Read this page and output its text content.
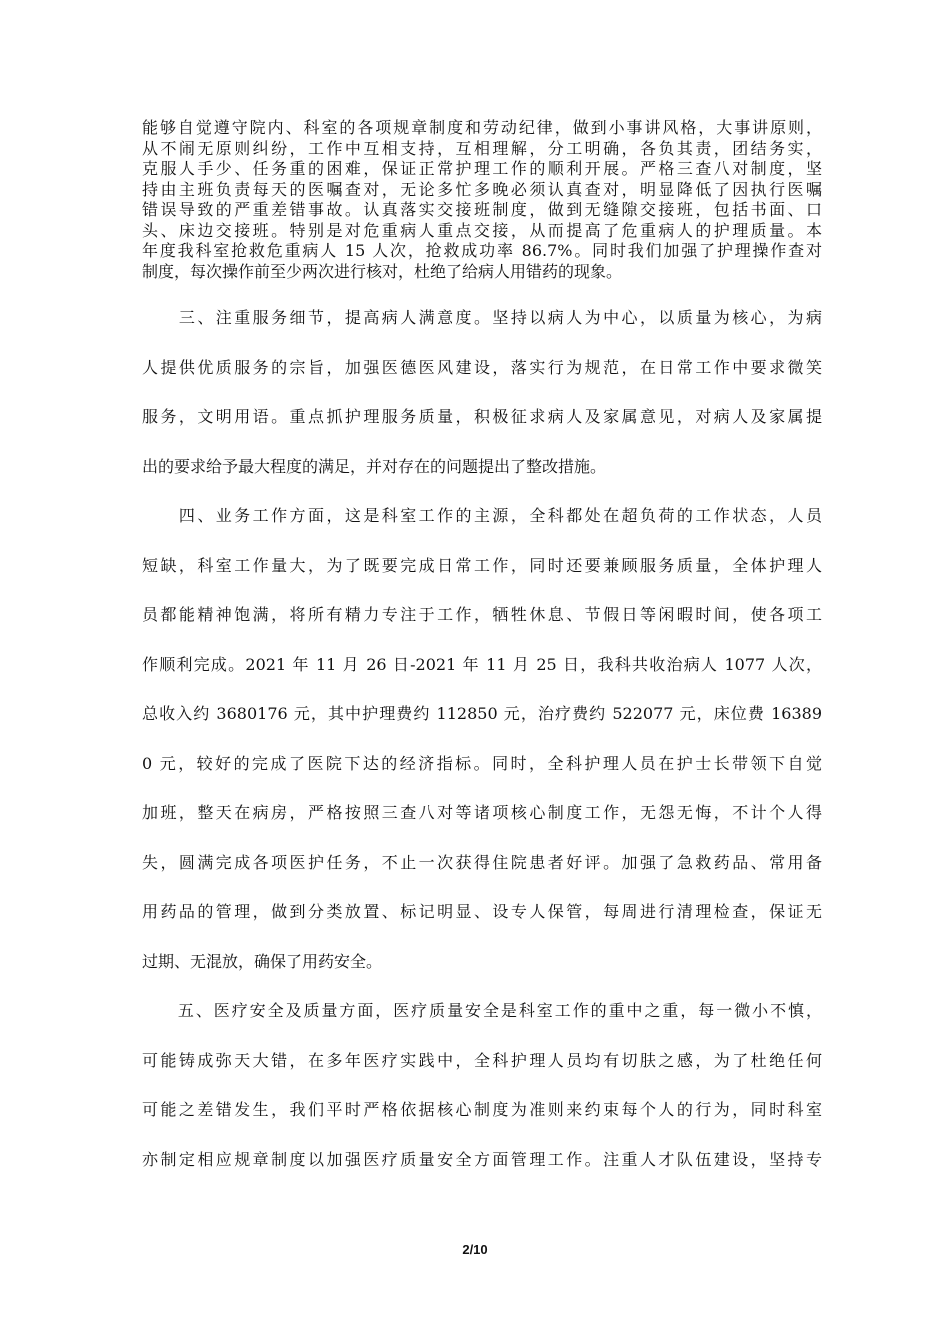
能够自觉遵守院内、科室的各项规章制度和劳动纪律，做到小事讲风格，大事讲原则，
从不闹无原则纠纷，工作中互相支持，互相理解，分工明确，各负其责，团结务实，
克服人手少、任务重的困难，保证正常护理工作的顺利开展。严格三查八对制度，坚
持由主班负责每天的医嘱查对，无论多忙多晚必须认真查对，明显降低了因执行医嘱
错误导致的严重差错事故。认真落实交接班制度，做到无缝隙交接班，包括书面、口
头、床边交接班。特别是对危重病人重点交接，从而提高了危重病人的护理质量。本
年度我科室抢救危重病人 15 人次，抢救成功率 86.7%。同时我们加强了护理操作查对
制度，每次操作前至少两次进行核对，杜绝了给病人用错药的现象。
　　三、注重服务细节，提高病人满意度。坚持以病人为中心，以质量为核心，为病
人提供优质服务的宗旨，加强医德医风建设，落实行为规范，在日常工作中要求微笑
服务，文明用语。重点抓护理服务质量，积极征求病人及家属意见，对病人及家属提
出的要求给予最大程度的满足，并对存在的问题提出了整改措施。
　　四、业务工作方面，这是科室工作的主源，全科都处在超负荷的工作状态，人员
短缺，科室工作量大，为了既要完成日常工作，同时还要兼顾服务质量，全体护理人
员都能精神饱满，将所有精力专注于工作，牺牲休息、节假日等闲暇时间，使各项工
作顺利完成。2021 年 11 月 26 日-2021 年 11 月 25 日，我科共收治病人 1077 人次，
总收入约 3680176 元，其中护理费约 112850 元，治疗费约 522077 元，床位费 16389
0 元，较好的完成了医院下达的经济指标。同时，全科护理人员在护士长带领下自觉
加班，整天在病房，严格按照三查八对等诸项核心制度工作，无怨无悔，不计个人得
失，圆满完成各项医护任务，不止一次获得住院患者好评。加强了急救药品、常用备
用药品的管理，做到分类放置、标记明显、设专人保管，每周进行清理检查，保证无
过期、无混放，确保了用药安全。
　　五、医疗安全及质量方面，医疗质量安全是科室工作的重中之重，每一微小不慎，
可能铸成弥天大错，在多年医疗实践中，全科护理人员均有切肤之感，为了杜绝任何
可能之差错发生，我们平时严格依据核心制度为准则来约束每个人的行为，同时科室
亦制定相应规章制度以加强医疗质量安全方面管理工作。注重人才队伍建设，坚持专
2/10
